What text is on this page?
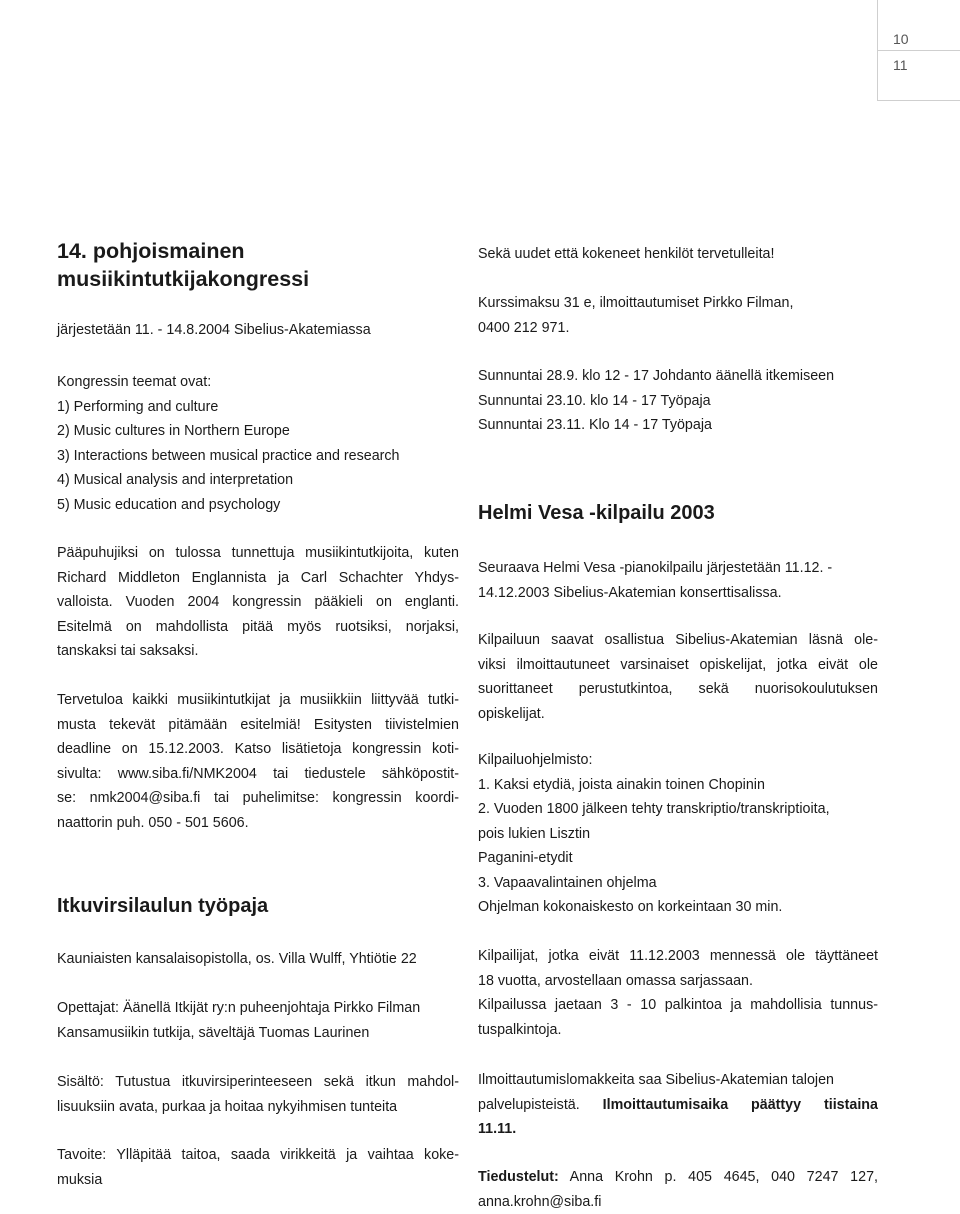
10
11
14. pohjoismainen
musiikintutkijakongressi
järjestetään 11. - 14.8.2004 Sibelius-Akatemiassa
Kongressin teemat ovat:
1) Performing and culture
2) Music cultures in Northern Europe
3) Interactions between musical practice and research
4) Musical analysis and interpretation
5) Music education and psychology
Pääpuhujiksi on tulossa tunnettuja musiikintutkijoita, kuten
Richard Middleton Englannista ja Carl Schachter Yhdys-
valloista. Vuoden 2004 kongressin pääkieli on englanti.
Esitelmä on mahdollista pitää myös ruotsiksi, norjaksi,
tanskaksi tai saksaksi.
Tervetuloa kaikki musiikintutkijat ja musiikkiin liittyvää tutki-
musta tekevät pitämään esitelmiä! Esitysten tiivistelmien
deadline on 15.12.2003. Katso lisätietoja kongressin koti-
sivulta: www.siba.fi/NMK2004 tai tiedustele sähköpostit-
se: nmk2004@siba.fi tai puhelimitse: kongressin koordi-
naattorin puh. 050 - 501 5606.
Itkuvirsilaulun työpaja
Kauniaisten kansalaisopistolla, os. Villa Wulff, Yhtiötie 22
Opettajat: Äänellä Itkijät ry:n puheenjohtaja Pirkko Filman
Kansamusiikin tutkija, säveltäjä Tuomas Laurinen
Sisältö: Tutustua itkuvirsiperinteeseen sekä itkun mahdol-
lisuuksiin avata, purkaa ja hoitaa nykyihmisen tunteita
Tavoite: Ylläpitää taitoa, saada virikkeitä ja vaihtaa koke-
muksia
Sekä uudet että kokeneet henkilöt tervetulleita!
Kurssimaksu 31 e, ilmoittautumiset Pirkko Filman,
0400 212 971.
Sunnuntai 28.9. klo 12 - 17 Johdanto äänellä itkemiseen
Sunnuntai 23.10. klo 14 - 17 Työpaja
Sunnuntai 23.11. Klo 14 - 17 Työpaja
Helmi Vesa -kilpailu 2003
Seuraava Helmi Vesa -pianokilpailu järjestetään 11.12. -
14.12.2003 Sibelius-Akatemian konserttisalissa.
Kilpailuun saavat osallistua Sibelius-Akatemian läsnä ole-
viksi ilmoittautuneet varsinaiset opiskelijat, jotka eivät ole
suorittaneet perustutkintoa, sekä nuorisokoulutuksen
opiskelijat.
Kilpailuohjelmisto:
1. Kaksi etydiä, joista ainakin toinen Chopinin
2. Vuoden 1800 jälkeen tehty transkriptio/transkriptioita,
pois lukien Lisztin
Paganini-etydit
3. Vapaavalintainen ohjelma
Ohjelman kokonaiskesto on korkeintaan 30 min.
Kilpailijat, jotka eivät 11.12.2003 mennessä ole täyttäneet
18 vuotta, arvostellaan omassa sarjassaan.
Kilpailussa jaetaan 3 - 10 palkintoa ja mahdollisia tunnus-
tuspalkintoja.
Ilmoittautumislomakkeita saa Sibelius-Akatemian talojen
palvelupisteistä. Ilmoittautumisaika päättyy tiistaina
11.11.
Tiedustelut: Anna Krohn p. 405 4645, 040 7247 127,
anna.krohn@siba.fi
